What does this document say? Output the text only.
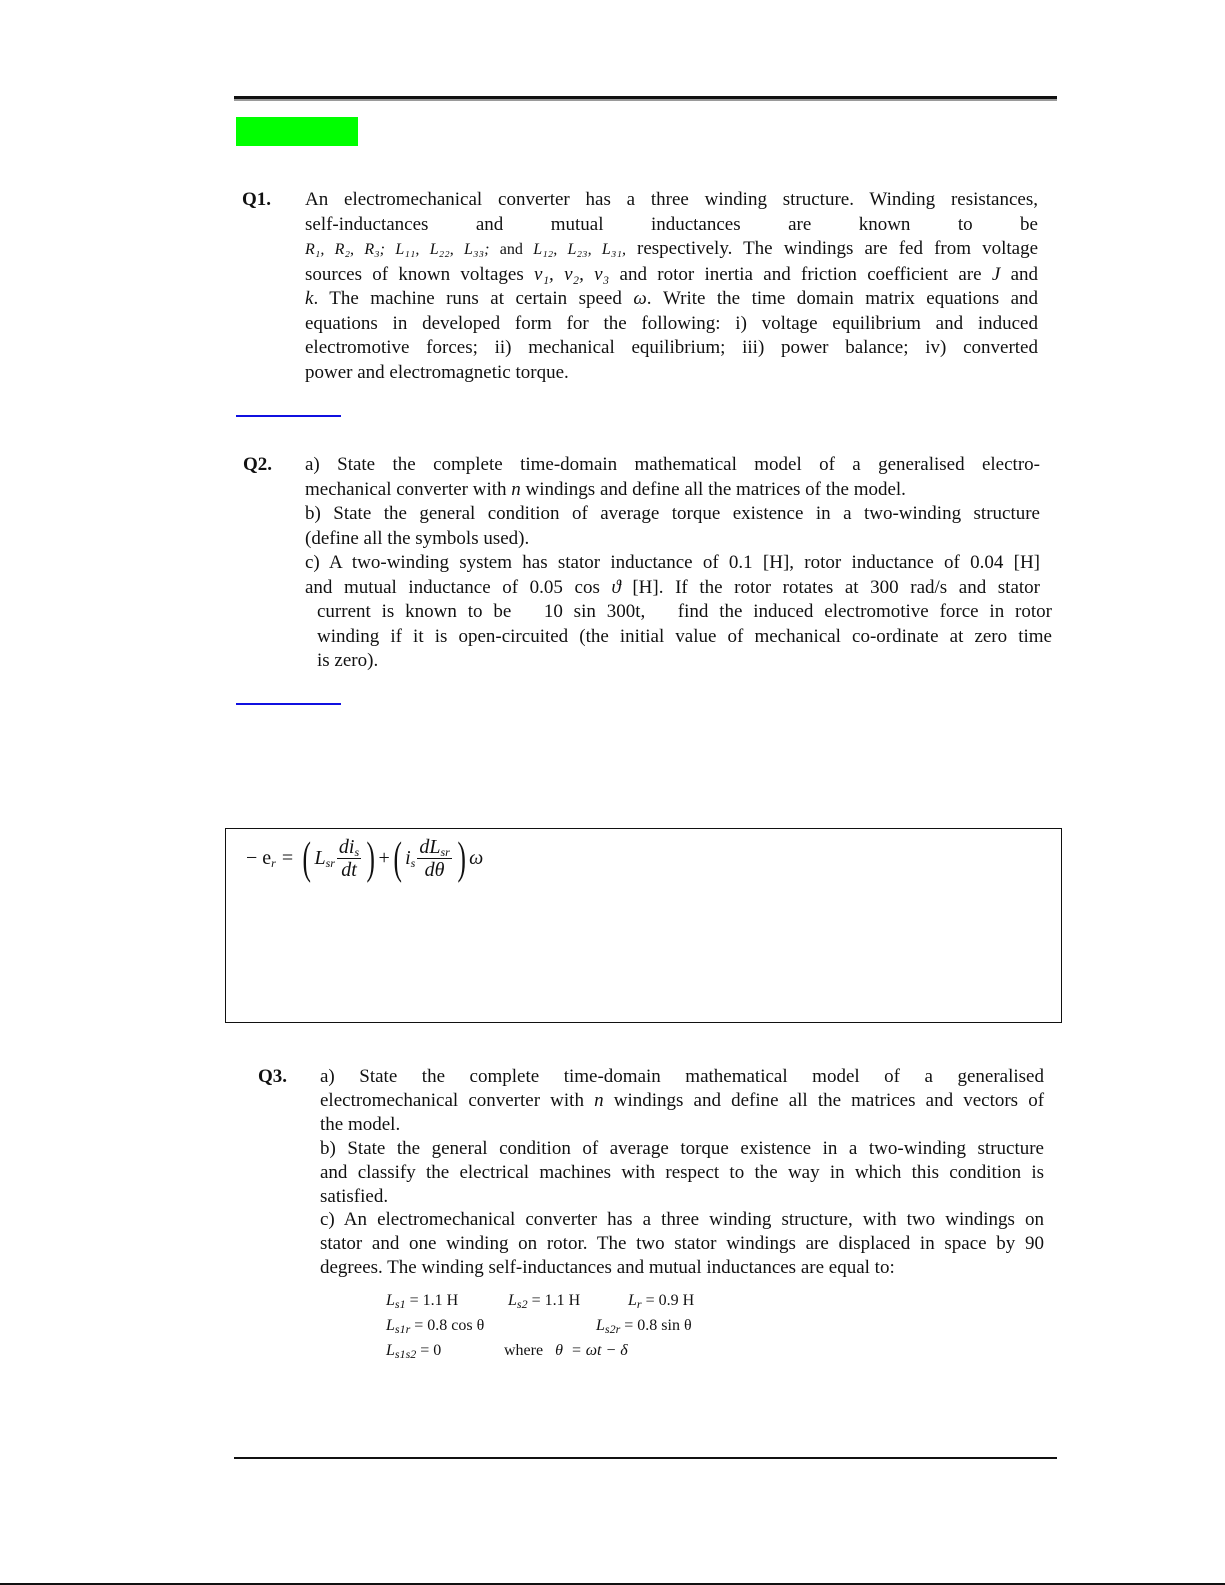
Q1. An electromechanical converter has a three winding structure. Winding resistances,

self-inductances and mutual inductances are known to be

R₁, R₂, R₃; L₁₁, L₂₂, L₃₃; and L₁₂, L₂₃, L₃₁, respectively. The windings are fed from voltage

sources of known voltages v₁, v₂, v₃ and rotor inertia and friction coefficient are J and

k. The machine runs at certain speed ω. Write the time domain matrix equations and

equations in developed form for the following: i) voltage equilibrium and induced

electromotive forces; ii) mechanical equilibrium; iii) power balance; iv) converted

power and electromagnetic torque.

Q2. a) State the complete time-domain mathematical model of a generalised electro-

mechanical converter with n windings and define all the matrices of the model.

b) State the general condition of average torque existence in a two-winding structure

(define all the symbols used).

c) A two-winding system has stator inductance of 0.1 [H], rotor inductance of 0.04 [H]

and mutual inductance of 0.05 cos ϑ [H]. If the rotor rotates at 300 rad/s and stator

current is known to be   10 sin 300t,   find the induced electromotive force in rotor

winding if it is open-circuited (the initial value of mechanical co-ordinate at zero time

is zero).

− $e_r$ = ( $L_{sr} \frac{di_s}{dt}$ ) + ( $i_s \frac{dL_{sr}}{d\theta}$ ) ω
Q3. a) State the complete time-domain mathematical model of a generalised

electromechanical converter with n windings and define all the matrices and vectors of

the model.

b) State the general condition of average torque existence in a two-winding structure

and classify the electrical machines with respect to the way in which this condition is

satisfied.

c) An electromechanical converter has a three winding structure, with two windings on

stator and one winding on rotor. The two stator windings are displaced in space by 90

degrees. The winding self-inductances and mutual inductances are equal to:

$L_{s1} = 1.1$ H	$L_{s2} = 1.1$ H	$L_r = 0.9$ H
$L_{s1r} = 0.8$ cos θ	$L_{s2r} = 0.8$ sin θ
$L_{s1s2} = 0$	where θ  = ωt − δ
